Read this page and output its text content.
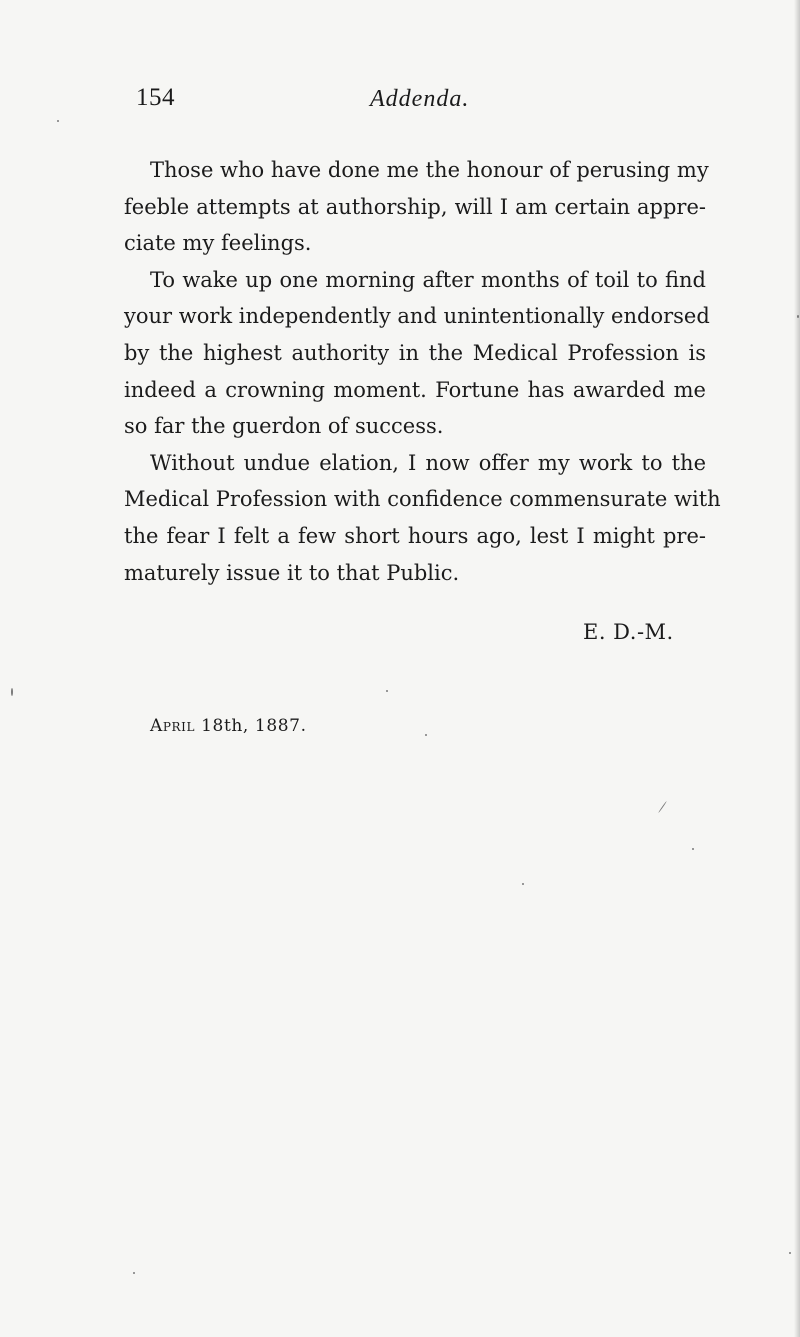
154	Addenda.
Those who have done me the honour of perusing my
feeble attempts at authorship, will I am certain appre-
ciate my feelings.
To wake up one morning after months of toil to find
your work independently and unintentionally endorsed
by the highest authority in the Medical Profession is
indeed a crowning moment. Fortune has awarded me
so far the guerdon of success.
Without undue elation, I now offer my work to the
Medical Profession with confidence commensurate with
the fear I felt a few short hours ago, lest I might pre-
maturely issue it to that Public.
E. D.-M.
April 18th, 1887.
